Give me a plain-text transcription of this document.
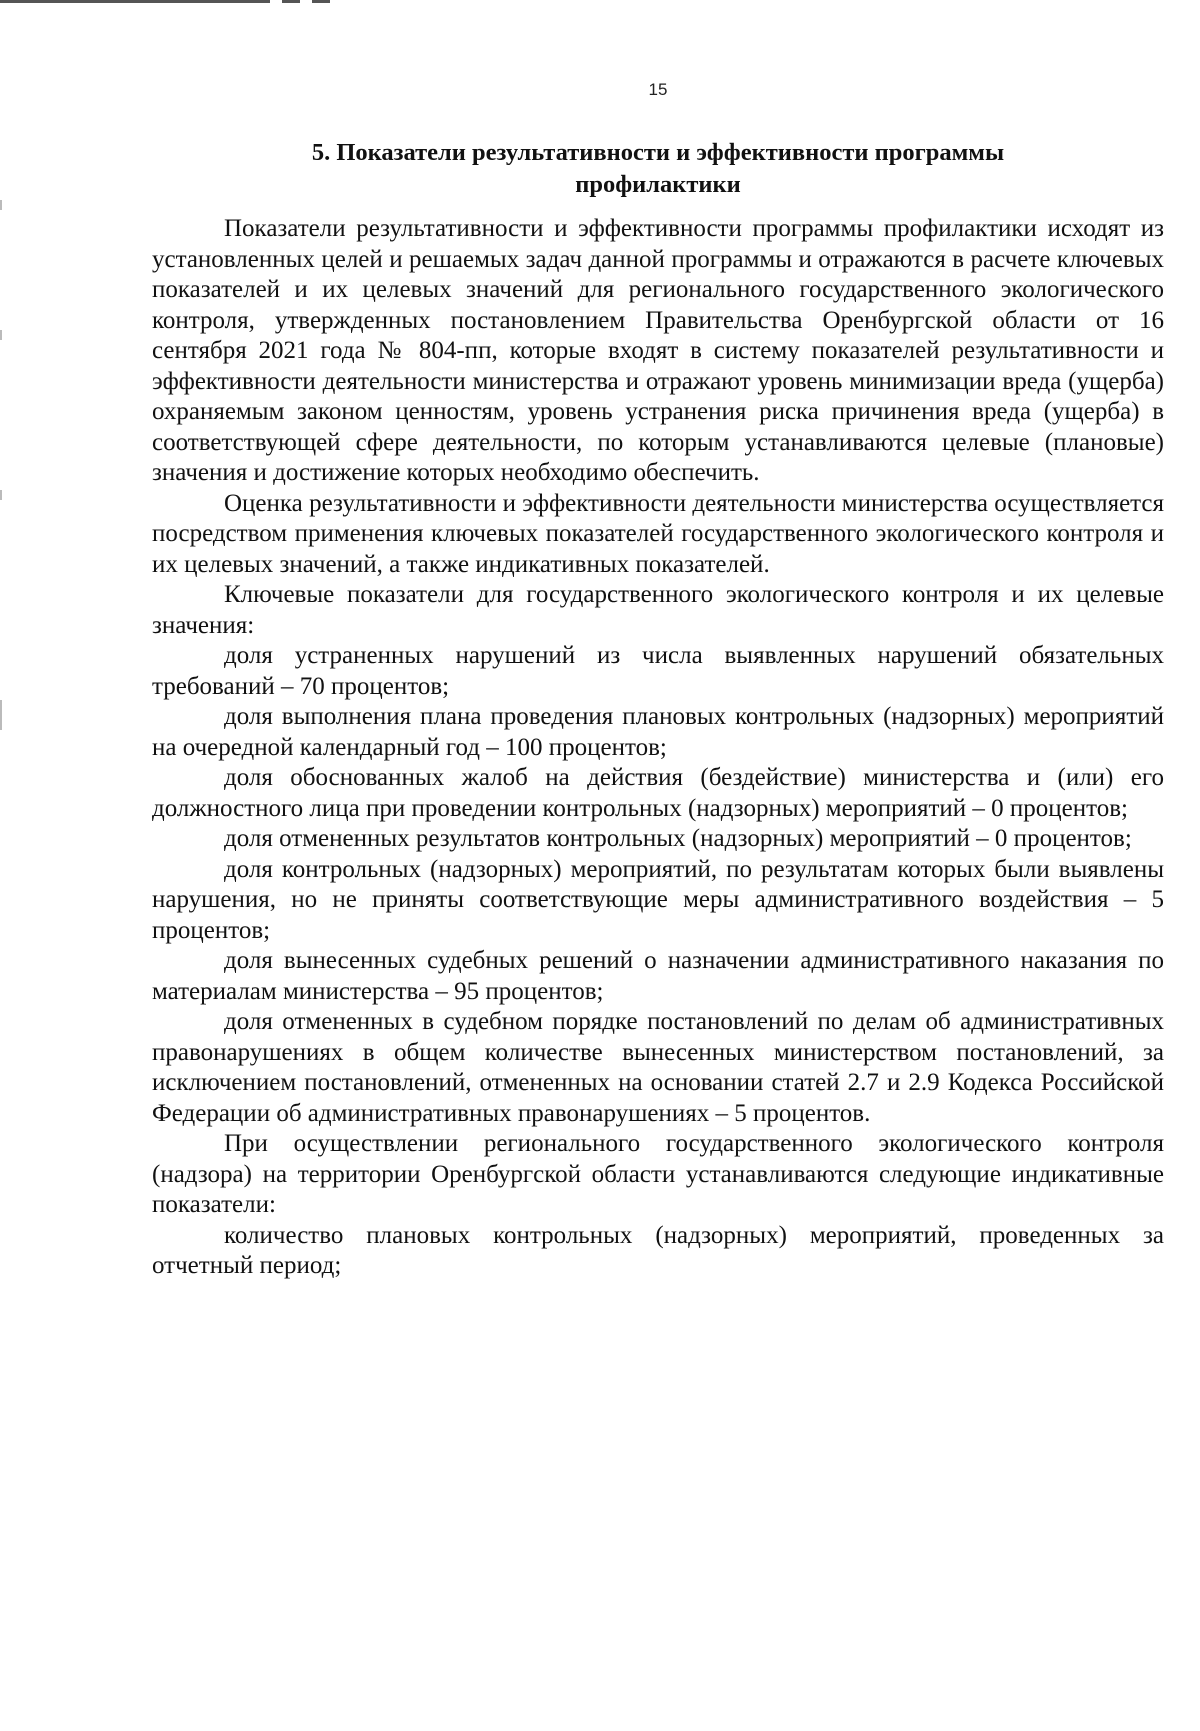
15
5. Показатели результативности и эффективности программы
профилактики

Показатели результативности и эффективности программы профилактики исходят из установленных целей и решаемых задач данной программы и отражаются в расчете ключевых показателей и их целевых значений для регионального государственного экологического контроля, утвержденных постановлением Правительства Оренбургской области от 16 сентября 2021 года № 804-пп, которые входят в систему показателей результативности и эффективности деятельности министерства и отражают уровень минимизации вреда (ущерба) охраняемым законом ценностям, уровень устранения риска причинения вреда (ущерба) в соответствующей сфере деятельности, по которым устанавливаются целевые (плановые) значения и достижение которых необходимо обеспечить.

Оценка результативности и эффективности деятельности министерства осуществляется посредством применения ключевых показателей государственного экологического контроля и их целевых значений, а также индикативных показателей.

Ключевые показатели для государственного экологического контроля и их целевые значения:

доля устраненных нарушений из числа выявленных нарушений обязательных требований – 70 процентов;

доля выполнения плана проведения плановых контрольных (надзорных) мероприятий на очередной календарный год – 100 процентов;

доля обоснованных жалоб на действия (бездействие) министерства и (или) его должностного лица при проведении контрольных (надзорных) мероприятий – 0 процентов;

доля отмененных результатов контрольных (надзорных) мероприятий – 0 процентов;

доля контрольных (надзорных) мероприятий, по результатам которых были выявлены нарушения, но не приняты соответствующие меры административного воздействия – 5 процентов;

доля вынесенных судебных решений о назначении административного наказания по материалам министерства – 95 процентов;

доля отмененных в судебном порядке постановлений по делам об административных правонарушениях в общем количестве вынесенных министерством постановлений, за исключением постановлений, отмененных на основании статей 2.7 и 2.9 Кодекса Российской Федерации об административных правонарушениях – 5 процентов.

При осуществлении регионального государственного экологического контроля (надзора) на территории Оренбургской области устанавливаются следующие индикативные показатели:

количество плановых контрольных (надзорных) мероприятий, проведенных за отчетный период;
